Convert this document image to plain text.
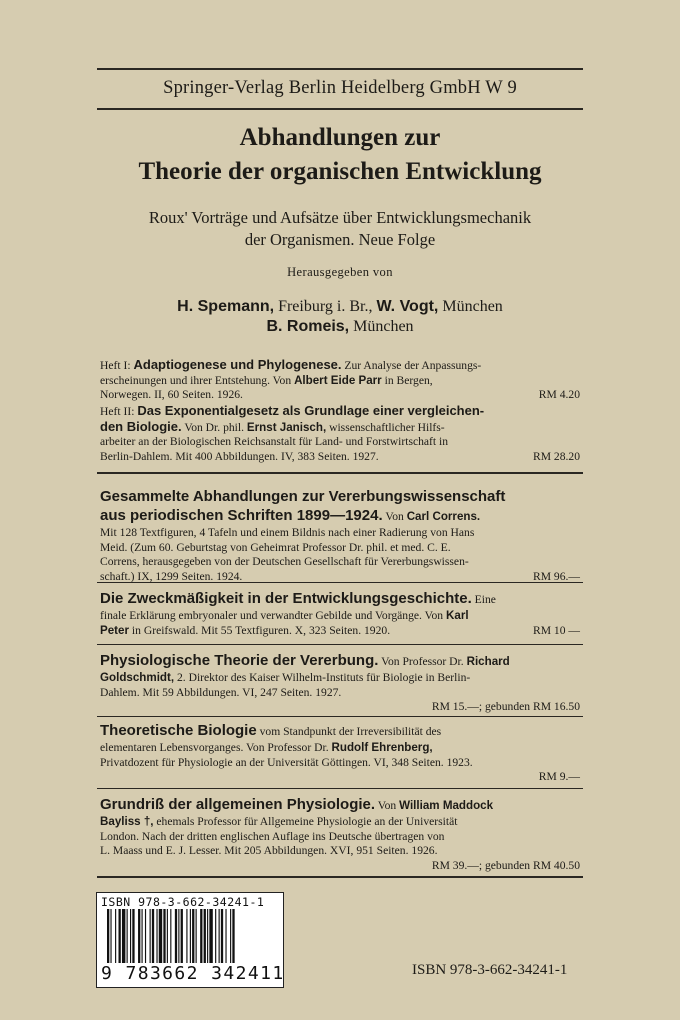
Springer-Verlag Berlin Heidelberg GmbH W 9
Abhandlungen zur
Theorie der organischen Entwicklung
Roux' Vorträge und Aufsätze über Entwicklungsmechanik
der Organismen. Neue Folge
Herausgegeben von
H. Spemann, Freiburg i. Br., W. Vogt, München
B. Romeis, München
Heft I: Adaptiogenese und Phylogenese. Zur Analyse der Anpassungs-
erscheinungen und ihrer Entstehung. Von Albert Eide Parr in Bergen,
Norwegen. II, 60 Seiten. 1926.	RM 4.20
Heft II: Das Exponentialgesetz als Grundlage einer vergleichen-
den Biologie. Von Dr. phil. Ernst Janisch, wissenschaftlicher Hilfs-
arbeiter an der Biologischen Reichsanstalt für Land- und Forstwirtschaft in
Berlin-Dahlem. Mit 400 Abbildungen. IV, 383 Seiten. 1927.	RM 28.20
Gesammelte Abhandlungen zur Vererbungswissenschaft
aus periodischen Schriften 1899—1924. Von Carl Correns.
Mit 128 Textfiguren, 4 Tafeln und einem Bildnis nach einer Radierung von Hans
Meid. (Zum 60. Geburtstag von Geheimrat Professor Dr. phil. et med. C. E.
Correns, herausgegeben von der Deutschen Gesellschaft für Vererbungswissen-
schaft.) IX, 1299 Seiten. 1924.	RM 96.—
Die Zweckmäßigkeit in der Entwicklungsgeschichte. Eine
finale Erklärung embryonaler und verwandter Gebilde und Vorgänge. Von Karl
Peter in Greifswald. Mit 55 Textfiguren. X, 323 Seiten. 1920.	RM 10 —
Physiologische Theorie der Vererbung. Von Professor Dr. Richard
Goldschmidt, 2. Direktor des Kaiser Wilhelm-Instituts für Biologie in Berlin-
Dahlem. Mit 59 Abbildungen. VI, 247 Seiten. 1927.
RM 15.—; gebunden RM 16.50
Theoretische Biologie vom Standpunkt der Irreversibilität des
elementaren Lebensvorganges. Von Professor Dr. Rudolf Ehrenberg,
Privatdozent für Physiologie an der Universität Göttingen. VI, 348 Seiten. 1923.
RM 9.—
Grundriß der allgemeinen Physiologie. Von William Maddock
Bayliss †, ehemals Professor für Allgemeine Physiologie an der Universität
London. Nach der dritten englischen Auflage ins Deutsche übertragen von
L. Maass und E. J. Lesser. Mit 205 Abbildungen. XVI, 951 Seiten. 1926.
RM 39.—; gebunden RM 40.50
ISBN 978-3-662-34241-1
9 783662 342411	ISBN 978-3-662-34241-1
